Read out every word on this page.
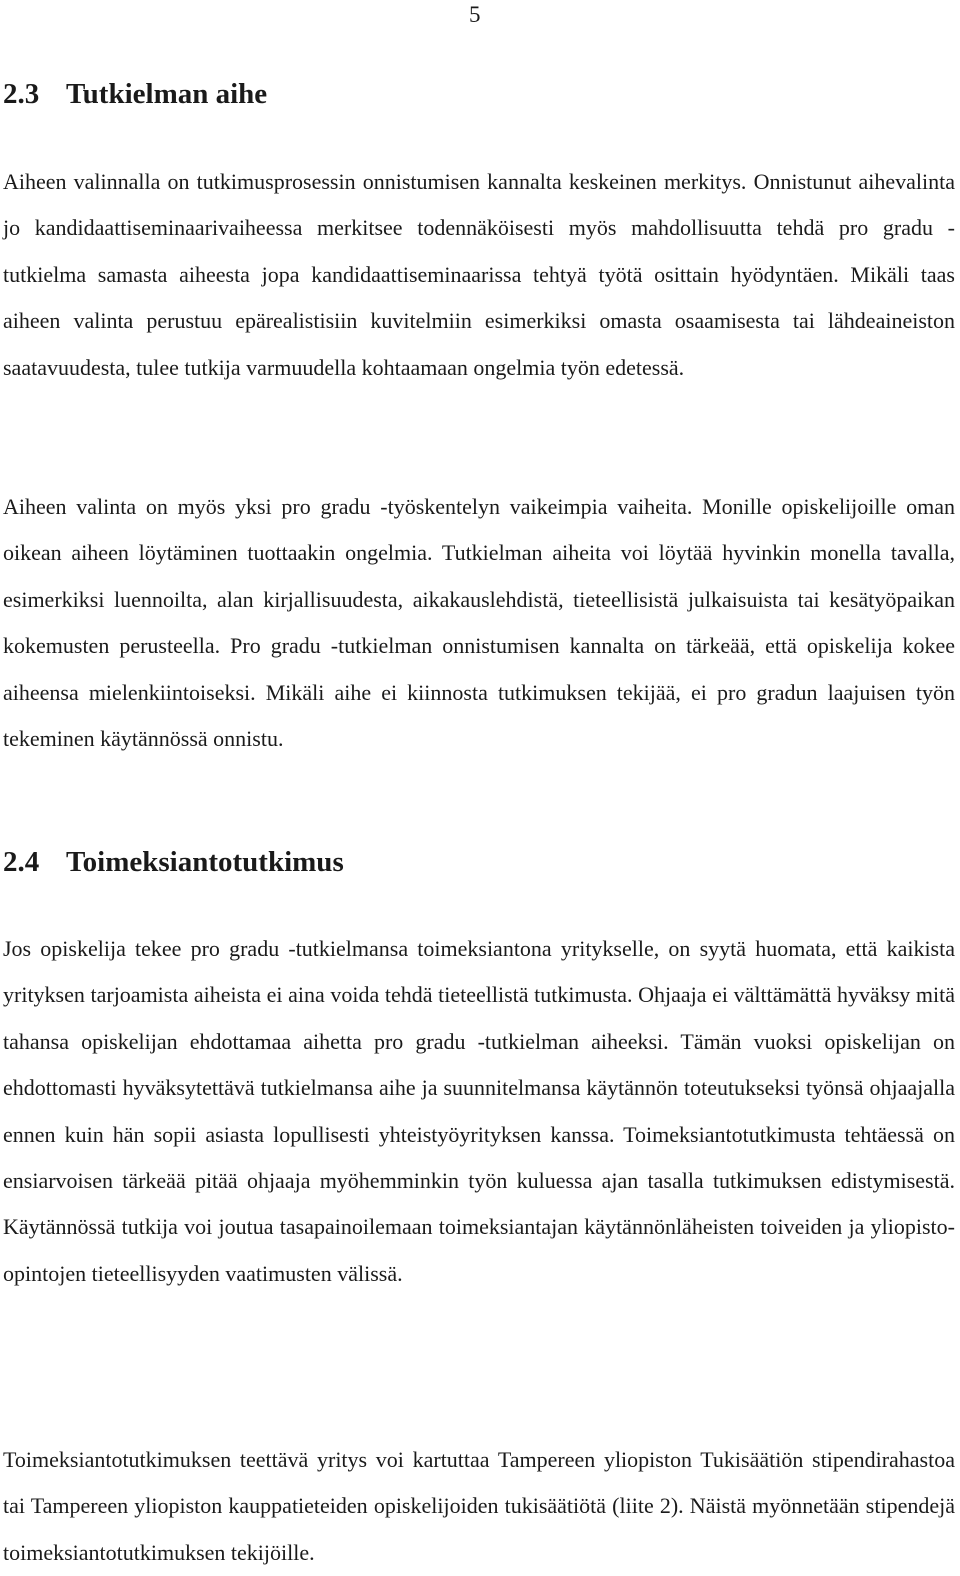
5
2.3 Tutkielman aihe

Aiheen valinnalla on tutkimusprosessin onnistumisen kannalta keskeinen merkitys. Onnistunut aihevalinta jo kandidaattiseminaarivaiheessa merkitsee todennäköisesti myös mahdollisuutta tehdä pro gradu -tutkielma samasta aiheesta jopa kandidaattiseminaarissa tehtyä työtä osittain hyödyntäen. Mikäli taas aiheen valinta perustuu epärealistisiin kuvitelmiin esimerkiksi omasta osaamisesta tai lähdeaineiston saatavuudesta, tulee tutkija varmuudella kohtaamaan ongelmia työn edetessä.

Aiheen valinta on myös yksi pro gradu -työskentelyn vaikeimpia vaiheita. Monille opiskelijoille oman oikean aiheen löytäminen tuottaakin ongelmia. Tutkielman aiheita voi löytää hyvinkin monella tavalla, esimerkiksi luennoilta, alan kirjallisuudesta, aikakauslehdistä, tieteellisistä julkaisuista tai kesätyöpaikan kokemusten perusteella. Pro gradu -tutkielman onnistumisen kannalta on tärkeää, että opiskelija kokee aiheensa mielenkiintoiseksi. Mikäli aihe ei kiinnosta tutkimuksen tekijää, ei pro gradun laajuisen työn tekeminen käytännössä onnistu.

2.4 Toimeksiantotutkimus

Jos opiskelija tekee pro gradu -tutkielmansa toimeksiantona yritykselle, on syytä huomata, että kaikista yrityksen tarjoamista aiheista ei aina voida tehdä tieteellistä tutkimusta. Ohjaaja ei välttämättä hyväksy mitä tahansa opiskelijan ehdottamaa aihetta pro gradu -tutkielman aiheeksi. Tämän vuoksi opiskelijan on ehdottomasti hyväksytettävä tutkielmansa aihe ja suunnitelmansa käytännön toteutukseksi työnsä ohjaajalla ennen kuin hän sopii asiasta lopullisesti yhteistyöyrityksen kanssa. Toimeksiantotutkimusta tehtäessä on ensiarvoisen tärkeää pitää ohjaaja myöhemminkin työn kuluessa ajan tasalla tutkimuksen edistymisestä. Käytännössä tutkija voi joutua tasapainoilemaan toimeksiantajan käytännönläheisten toiveiden ja yliopisto-opintojen tieteellisyyden vaatimusten välissä.

Toimeksiantotutkimuksen teettävä yritys voi kartuttaa Tampereen yliopiston Tukisäätiön stipendirahastoa tai Tampereen yliopiston kauppatieteiden opiskelijoiden tukisäätiötä (liite 2). Näistä myönnetään stipendejä toimeksiantotutkimuksen tekijöille.
